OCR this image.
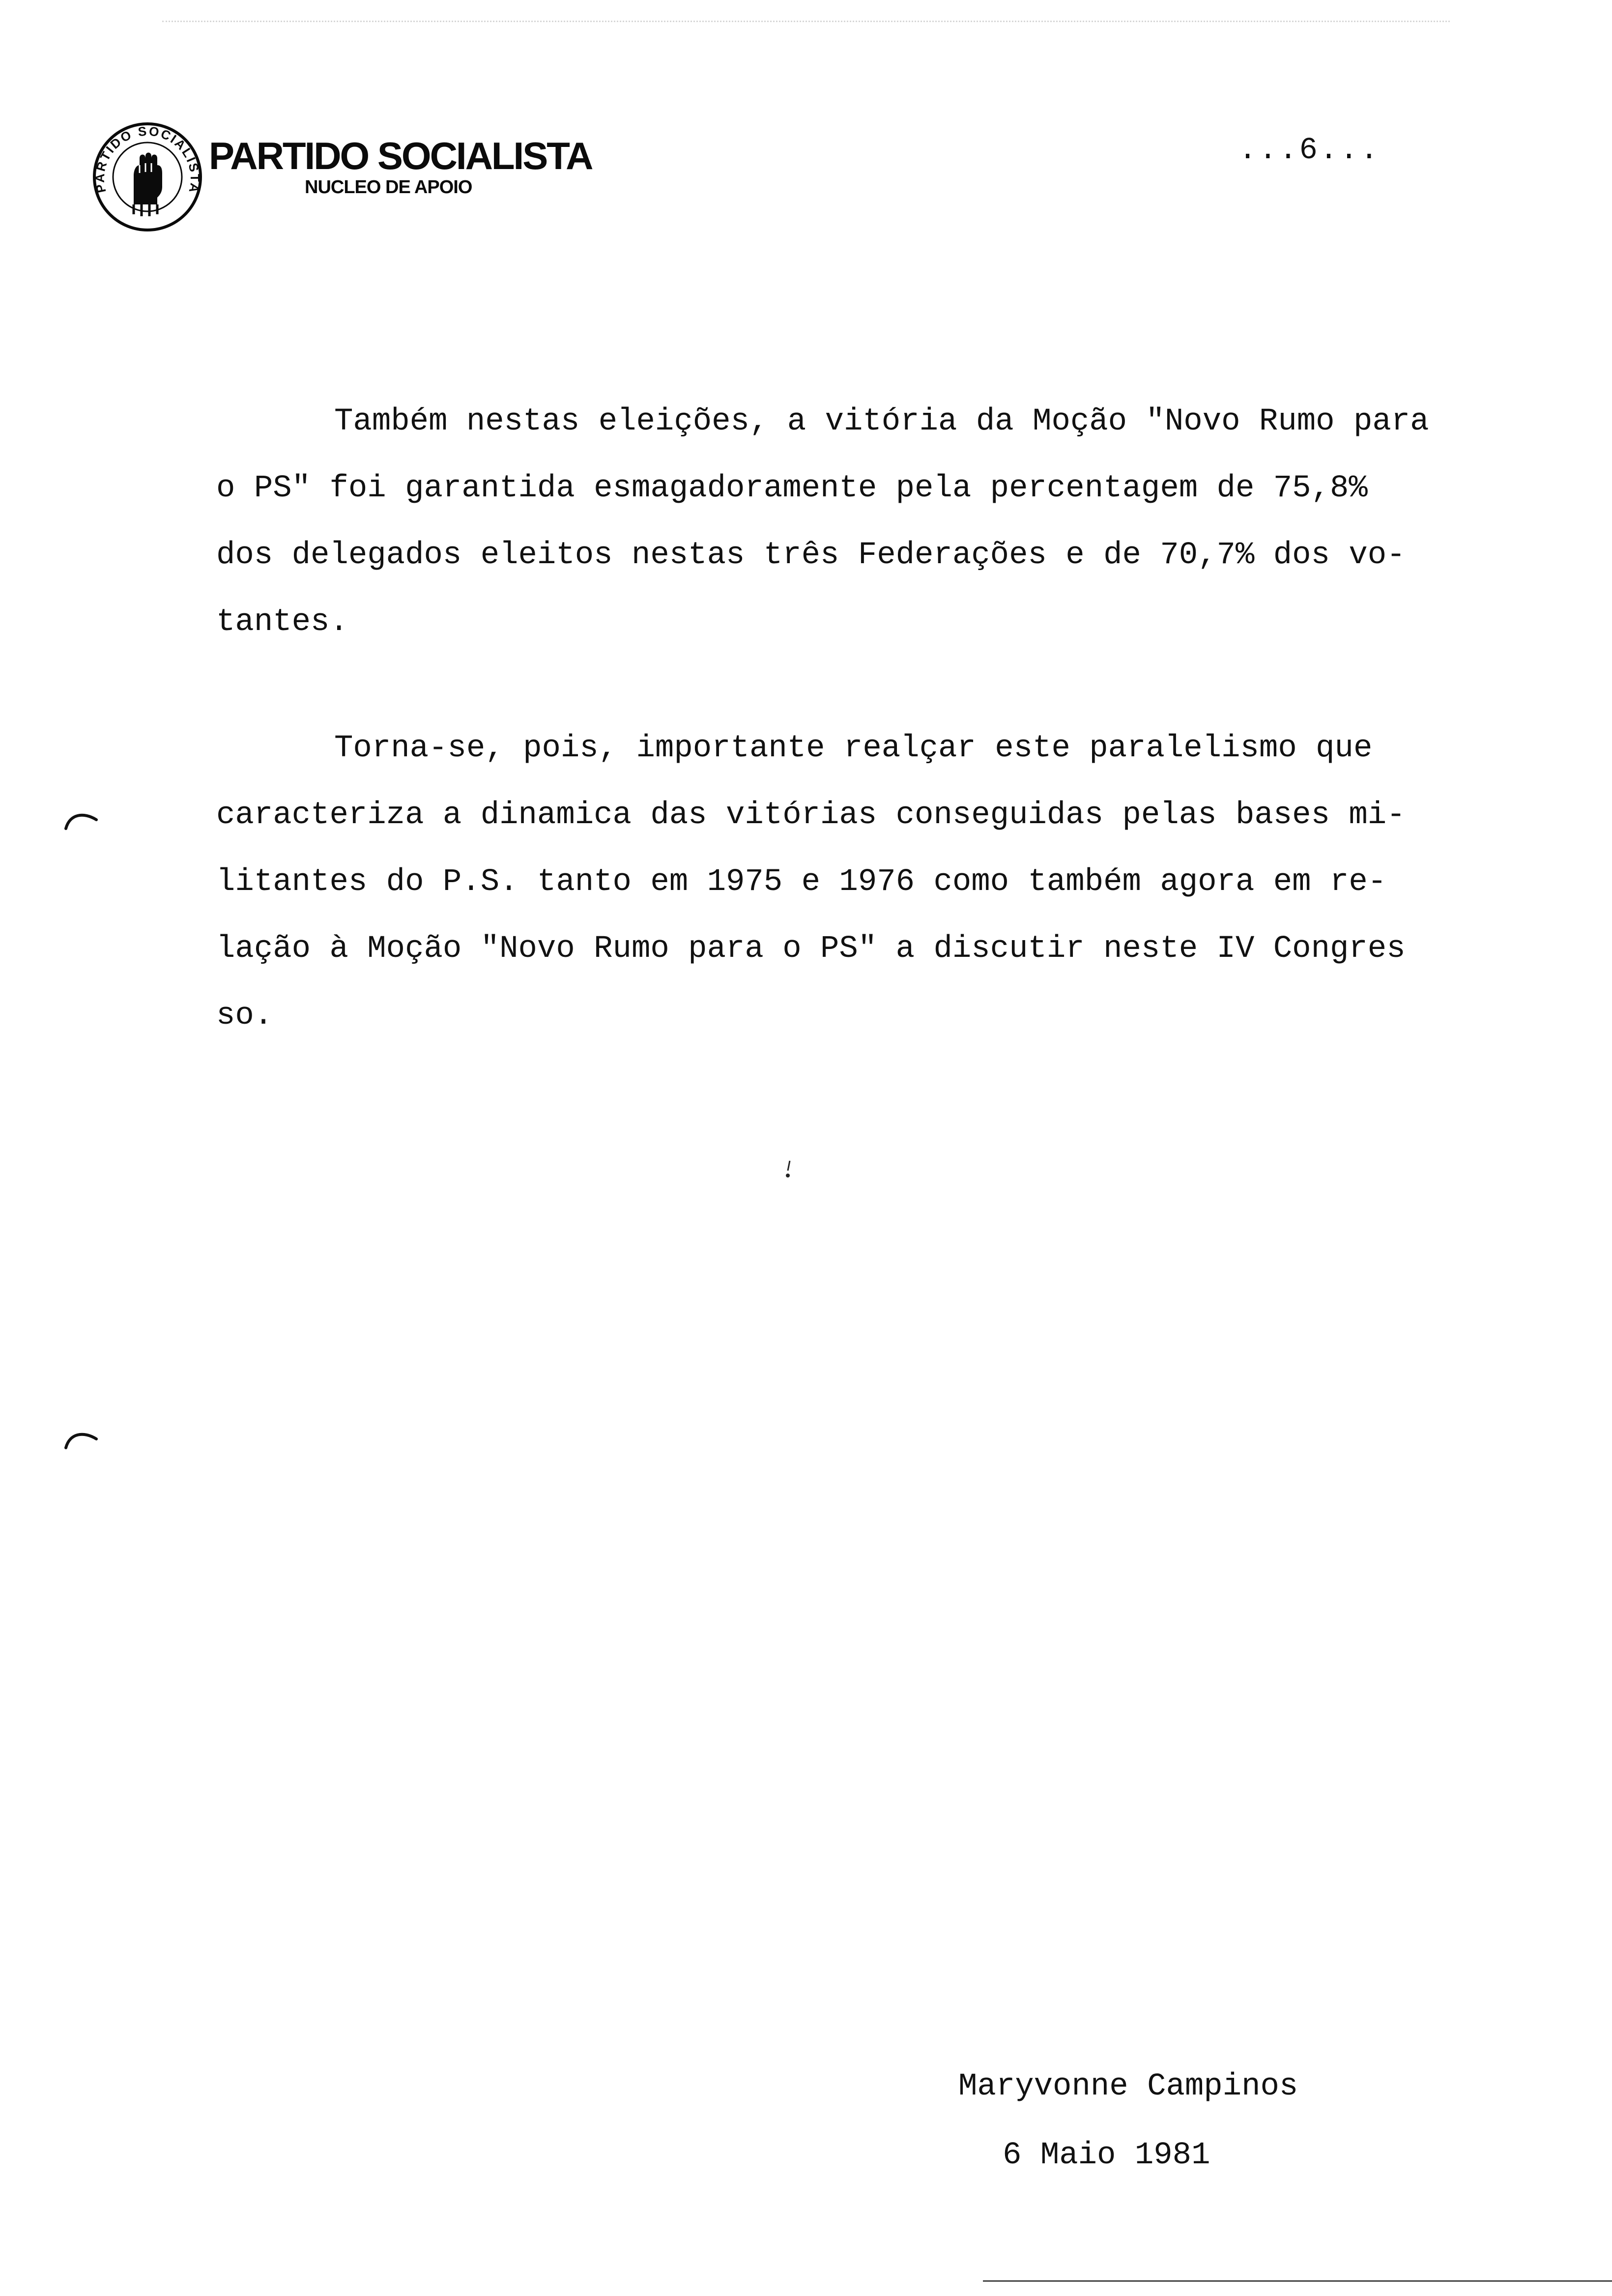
PARTIDO SOCIALISTA
PARTIDO SOCIALISTA
NUCLEO DE APOIO
...6...
Também nestas eleições, a vitória da Moção "Novo Rumo para
o PS" foi garantida esmagadoramente pela percentagem de 75,8%
dos delegados eleitos nestas três Federações e de 70,7% dos vo-
tantes.
Torna-se, pois, importante realçar este paralelismo que
caracteriza a dinamica das vitórias conseguidas pelas bases mi-
litantes do P.S. tanto em 1975 e 1976 como também agora em re-
lação à Moção "Novo Rumo para o PS" a discutir neste IV Congres
so.
Maryvonne Campinos
6 Maio 1981
